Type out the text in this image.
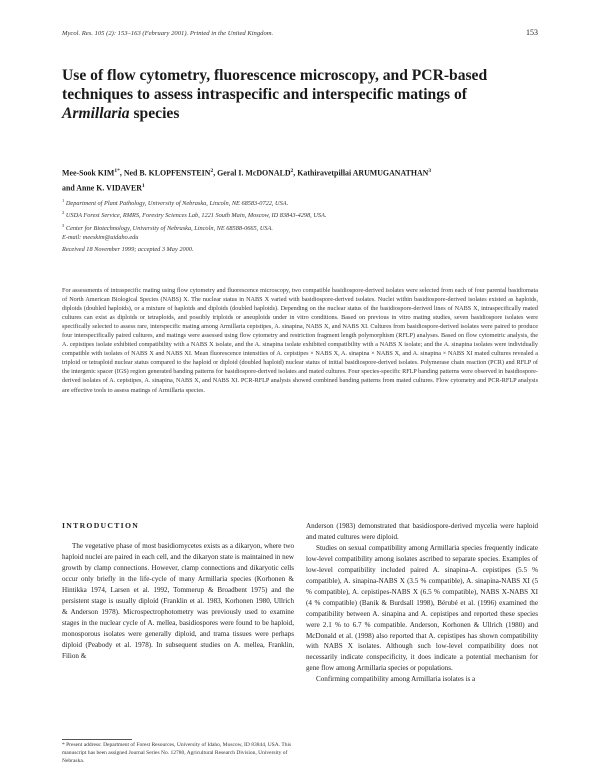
Mycol. Res. 105 (2): 153–163 (February 2001). Printed in the United Kingdom.	153
Use of flow cytometry, fluorescence microscopy, and PCR-based techniques to assess intraspecific and interspecific matings of Armillaria species
Mee-Sook $KIM^{1*}$, Ned B. KLOPFENSTEIN$^2$, Geral I. McDONALD$^2$, Kathiravetpillai ARUMUGANATHAN$^3$
and Anne K. VIDAVER$^1$
$^1$ Department of Plant Pathology, University of Nebraska, Lincoln, NE 68583-0722, USA.
$^2$ USDA Forest Service, RMRS, Forestry Sciences Lab, 1221 South Main, Moscow, ID 83843-4298, USA.
$^3$ Center for Biotechnology, University of Nebraska, Lincoln, NE 68588-0665, USA.
E-mail: meeskim@uidaho.edu
Received 18 November 1999; accepted 3 May 2000.

For assessments of intraspecific mating using flow cytometry and fluorescence microscopy, two compatible basidiospore-derived isolates were selected from each of four parental basidiomata of North American Biological Species (NABS) X. The nuclear status in NABS X varied with basidiospore-derived isolates. Nuclei within basidiospore-derived isolates existed as haploids, diploids (doubled haploids), or a mixture of haploids and diploids (doubled haploids). Depending on the nuclear status of the basidiospore-derived lines of NABS X, intraspecifically mated cultures can exist as diploids or tetraploids, and possibly triploids or aneuploids under in vitro conditions. Based on previous in vitro mating studies, seven basidiospore isolates were specifically selected to assess rare, interspecific mating among Armillaria cepistipes, A. sinapina, NABS X, and NABS XI. Cultures from basidiospore-derived isolates were paired to produce four interspecifically paired cultures, and matings were assessed using flow cytometry and restriction fragment length polymorphism (RFLP) analyses. Based on flow cytometric analysis, the A. cepistipes isolate exhibited compatibility with a NABS X isolate, and the A. sinapina isolate exhibited compatibility with a NABS X isolate; and the A. sinapina isolates were individually compatible with isolates of NABS X and NABS XI. Mean fluorescence intensities of A. cepistipes × NABS X, A. sinapina × NABS X, and A. sinapina × NABS XI mated cultures revealed a triploid or tetraploid nuclear status compared to the haploid or diploid (doubled haploid) nuclear status of initial basidiospore-derived isolates. Polymerase chain reaction (PCR) and RFLP of the intergenic spacer (IGS) region generated banding patterns for basidiospore-derived isolates and mated cultures. Four species-specific RFLP banding patterns were observed in basidiospore-derived isolates of A. cepistipes, A. sinapina, NABS X, and NABS XI. PCR-RFLP analysis showed combined banding patterns from mated cultures. Flow cytometry and PCR-RFLP analysis are effective tools to assess matings of Armillaria species.

INTRODUCTION

The vegetative phase of most basidiomycetes exists as a dikaryon, where two haploid nuclei are paired in each cell, and the dikaryon state is maintained in new growth by clamp connections. However, clamp connections and dikaryotic cells occur only briefly in the life-cycle of many Armillaria species (Korhonen & Hintikka 1974, Larsen et al. 1992, Tommerup & Broadbent 1975) and the persistent stage is usually diploid (Franklin et al. 1983, Korhonen 1980, Ullrich & Anderson 1978). Microspectrophotometry was previously used to examine stages in the nuclear cycle of A. mellea, basidiospores were found to be haploid, monosporous isolates were generally diploid, and trama tissues were perhaps diploid (Peabody et al. 1978). In subsequent studies on A. mellea, Franklin, Filion &

Anderson (1983) demonstrated that basidiospore-derived mycelia were haploid and mated cultures were diploid.

Studies on sexual compatibility among Armillaria species frequently indicate low-level compatibility among isolates ascribed to separate species. Examples of low-level compatibility included paired A. sinapina-A. cepistipes (5.5 % compatible), A. sinapina-NABS X (3.5 % compatible), A. sinapina-NABS XI (5 % compatible), A. cepistipes-NABS X (6.5 % compatible), NABS X-NABS XI (4 % compatible) (Banik & Burdsall 1998), Bérubé et al. (1996) examined the compatibility between A. sinapina and A. cepistipes and reported these species were 2.1 % to 6.7 % compatible. Anderson, Korhonen & Ullrich (1980) and McDonald et al. (1998) also reported that A. cepistipes has shown compatibility with NABS X isolates. Although such low-level compatibility does not necessarily indicate conspecificity, it does indicate a potential mechanism for gene flow among Armillaria species or populations.

Confirming compatibility among Armillaria isolates is a

* Present address: Department of Forest Resources, University of Idaho, Moscow, ID 83844, USA. This manuscript has been assigned Journal Series No. 12780, Agricultural Research Division, University of Nebraska.
